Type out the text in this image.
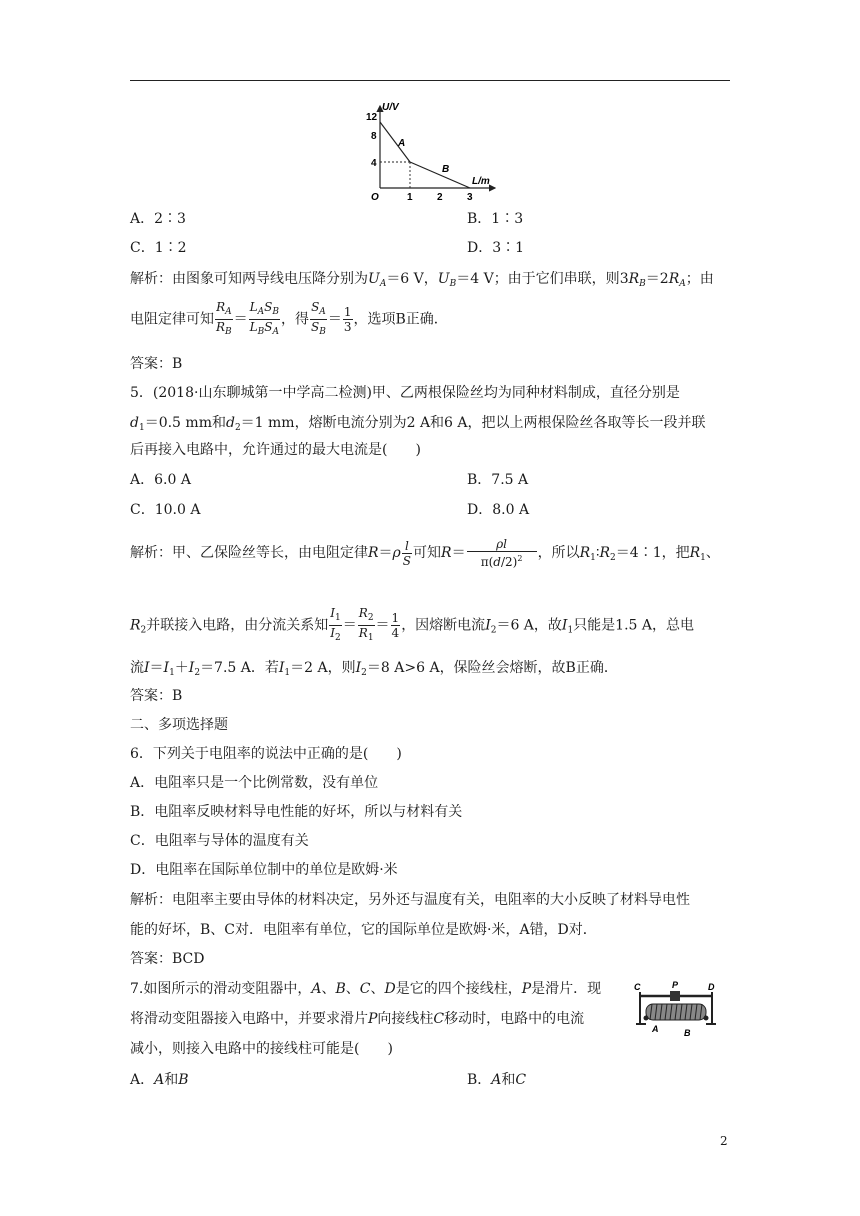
U/V
L/m
12
8
4
O	1 2 3
A
B
A．2∶3	B．1∶3
C．1∶2	D．3∶1
解析：由图象可知两导线电压降分别为$U_A=6$ V，$U_B=4$ V；由于它们串联，则$3R_B=2R_A$；由
电阻定律可知 $\frac{R_A}{R_B} = \frac{L_AS_B}{L_BS_A}$ ，得 $\frac{S_A}{S_B} = \frac{1}{3}$ ，选项B正确．
答案：B
5．(2018·山东聊城第一中学高二检测)甲、乙两根保险丝均为同种材料制成，直径分别是
$d_1=0.5$ mm和$d_2=1$ mm，熔断电流分别为2 A和6 A，把以上两根保险丝各取等长一段并联
后再接入电路中，允许通过的最大电流是(　　)
A．6.0 A	B．7.5 A
C．10.0 A	D．8.0 A
解析：甲、乙保险丝等长，由电阻定律$R=\rho \frac{l}{S}$ 可知$R= \frac{\rho l}{\pi(d/2)^2}$ ，所以$R_1∶R_2=4∶1$，把$R_1$、
$R_2$并联接入电路，由分流关系知 $\frac{I_1}{I_2} = \frac{R_2}{R_1} = \frac{1}{4}$ ，因熔断电流$I_2=6$ A，故$I_1$只能是1.5 A，总电
流$I=I_1+I_2=7.5$ A．若$I_1=2$ A，则$I_2=8$ A>6 A，保险丝会熔断，故B正确．
答案：B
二、多项选择题
6．下列关于电阻率的说法中正确的是(　　)
A．电阻率只是一个比例常数，没有单位
B．电阻率反映材料导电性能的好坏，所以与材料有关
C．电阻率与导体的温度有关
D．电阻率在国际单位制中的单位是欧姆·米
解析：电阻率主要由导体的材料决定，另外还与温度有关，电阻率的大小反映了材料导电性
能的好坏，B、C对．电阻率有单位，它的国际单位是欧姆·米，A错，D对．
答案：BCD
7.如图所示的滑动变阻器中，A、B、C、D是它的四个接线柱，P是滑片．现
将滑动变阻器接入电路中，并要求滑片P向接线柱C移动时，电路中的电流
减小，则接入电路中的接线柱可能是(　　)
A．A和B	B．A和C
C	P	D
A	B
2
